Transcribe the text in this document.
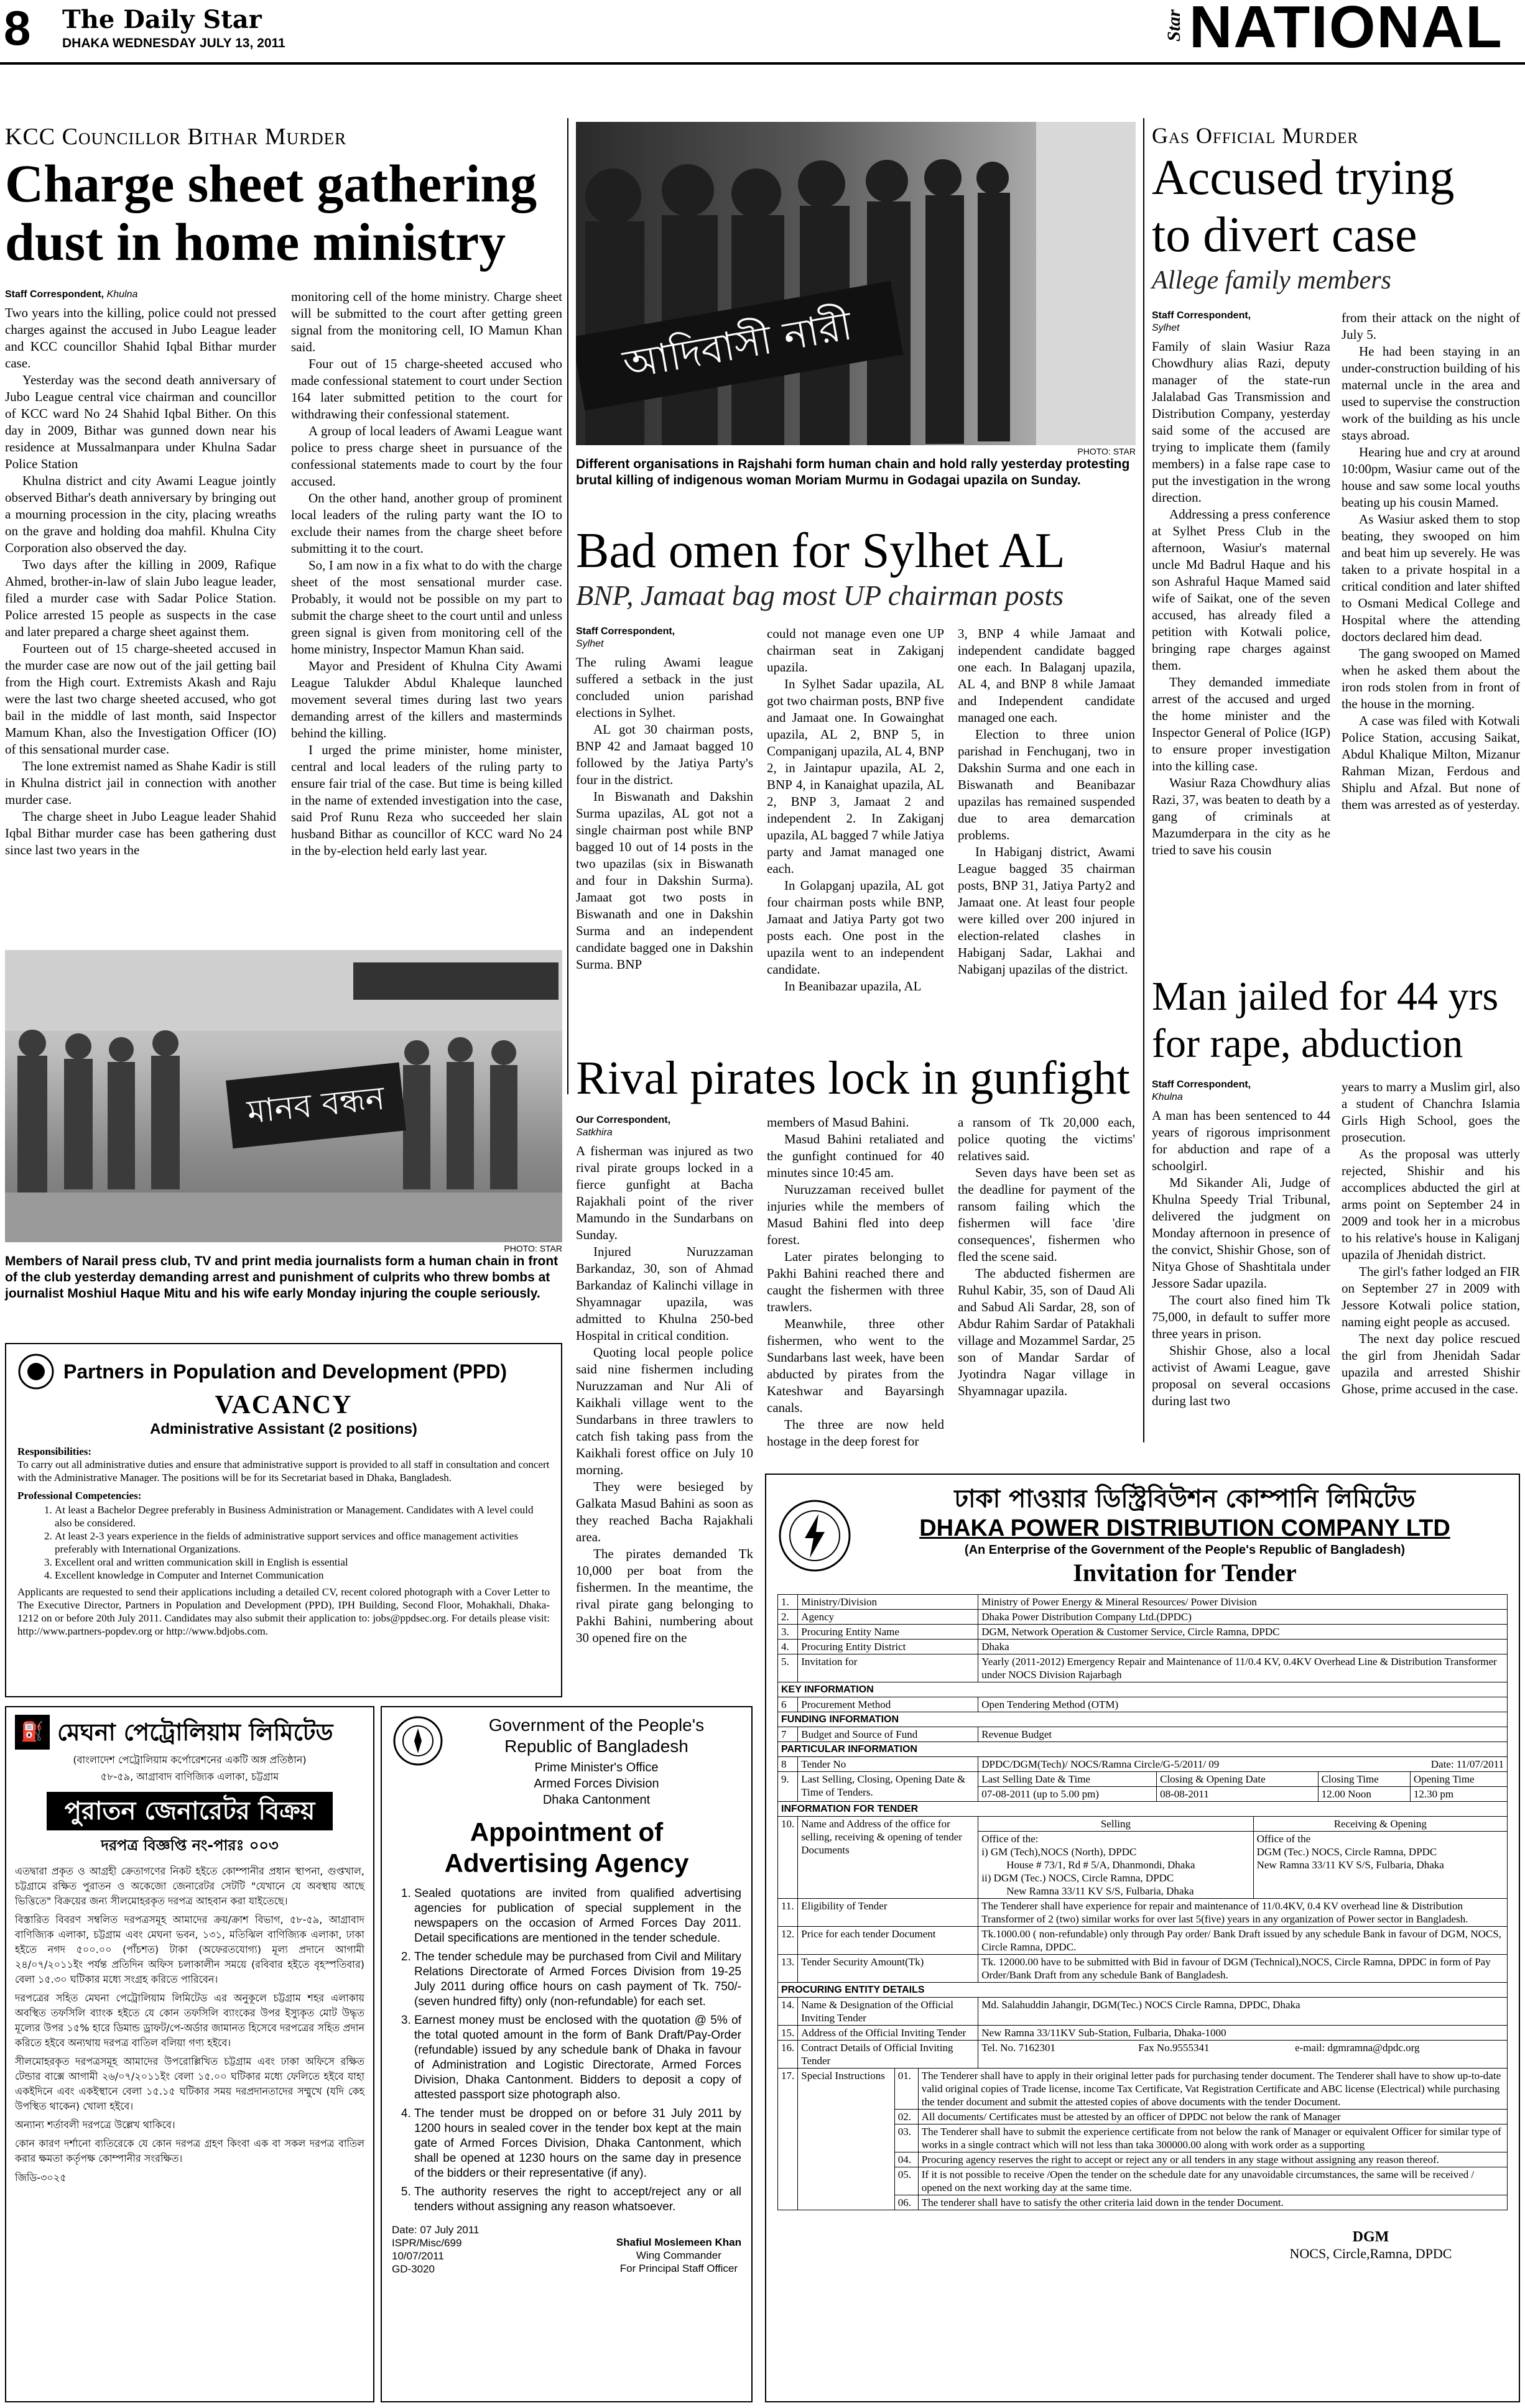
8 The Daily Star
DHAKA WEDNESDAY JULY 13, 2011
Star NATIONAL
KCC Councillor Bithar Murder
Charge sheet gathering
dust in home ministry
Staff Correspondent, Khulna

Two years into the killing, police could not pressed charges against the accused in Jubo League leader and KCC councillor Shahid Iqbal Bithar murder case.

Yesterday was the second death anniversary of Jubo League central vice chairman and councillor of KCC ward No 24 Shahid Iqbal Bither. On this day in 2009, Bithar was gunned down near his residence at Mussalmanpara under Khulna Sadar Police Station

Khulna district and city Awami League jointly observed Bithar's death anniversary by bringing out a mourning procession in the city, placing wreaths on the grave and holding doa mahfil. Khulna City Corporation also observed the day.

Two days after the killing in 2009, Rafique Ahmed, brother-in-law of slain Jubo league leader, filed a murder case with Sadar Police Station. Police arrested 15 people as suspects in the case and later prepared a charge sheet against them.

Fourteen out of 15 charge-sheeted accused in the murder case are now out of the jail getting bail from the High court. Extremists Akash and Raju were the last two charge sheeted accused, who got bail in the middle of last month, said Inspector Mamum Khan, also the Investigation Officer (IO) of this sensational murder case.

The lone extremist named as Shahe Kadir is still in Khulna district jail in connection with another murder case.

The charge sheet in Jubo League leader Shahid Iqbal Bithar murder case has been gathering dust since last two years in the

monitoring cell of the home ministry. Charge sheet will be submitted to the court after getting green signal from the monitoring cell, IO Mamun Khan said.

Four out of 15 charge-sheeted accused who made confessional statement to court under Section 164 later submitted petition to the court for withdrawing their confessional statement.

A group of local leaders of Awami League want police to press charge sheet in pursuance of the confessional statements made to court by the four accused.

On the other hand, another group of prominent local leaders of the ruling party want the IO to exclude their names from the charge sheet before submitting it to the court.

So, I am now in a fix what to do with the charge sheet of the most sensational murder case. Probably, it would not be possible on my part to submit the charge sheet to the court until and unless green signal is given from monitoring cell of the home ministry, Inspector Mamun Khan said.

Mayor and President of Khulna City Awami League Talukder Abdul Khaleque launched movement several times during last two years demanding arrest of the killers and masterminds behind the killing.

I urged the prime minister, home minister, central and local leaders of the ruling party to ensure fair trial of the case. But time is being killed in the name of extended investigation into the case, said Prof Runu Reza who succeeded her slain husband Bithar as councillor of KCC ward No 24 in the by-election held early last year.

মানব বন্ধন
PHOTO: STAR
Members of Narail press club, TV and print media journalists form a human chain in front of the club yesterday demanding arrest and punishment of culprits who threw bombs at journalist Moshiul Haque Mitu and his wife early Monday injuring the couple seriously.
আদিবাসী নারী
PHOTO: STAR
Different organisations in Rajshahi form human chain and hold rally yesterday protesting brutal killing of indigenous woman Moriam Murmu in Godagai upazila on Sunday.
Bad omen for Sylhet AL
BNP, Jamaat bag most UP chairman posts
Staff Correspondent,
Sylhet

The ruling Awami league suffered a setback in the just concluded union parishad elections in Sylhet.

AL got 30 chairman posts, BNP 42 and Jamaat bagged 10 followed by the Jatiya Party's four in the district.

In Biswanath and Dakshin Surma upazilas, AL got not a single chairman post while BNP bagged 10 out of 14 posts in the two upazilas (six in Biswanath and four in Dakshin Surma). Jamaat got two posts in Biswanath and one in Dakshin Surma and an independent candidate bagged one in Dakshin Surma. BNP

could not manage even one UP chairman seat in Zakiganj upazila.

In Sylhet Sadar upazila, AL got two chairman posts, BNP five and Jamaat one. In Gowainghat upazila, AL 2, BNP 5, in Companiganj upazila, AL 4, BNP 2, in Jaintapur upazila, AL 2, BNP 4, in Kanaighat upazila, AL 2, BNP 3, Jamaat 2 and independent 2. In Zakiganj upazila, AL bagged 7 while Jatiya party and Jamat managed one each.

In Golapganj upazila, AL got four chairman posts while BNP, Jamaat and Jatiya Party got two posts each. One post in the upazila went to an independent candidate.

In Beanibazar upazila, AL

3, BNP 4 while Jamaat and independent candidate bagged one each. In Balaganj upazila, AL 4, and BNP 8 while Jamaat and Independent candidate managed one each.

Election to three union parishad in Fenchuganj, two in Dakshin Surma and one each in Biswanath and Beanibazar upazilas has remained suspended due to area demarcation problems.

In Habiganj district, Awami League bagged 35 chairman posts, BNP 31, Jatiya Party2 and Jamaat one. At least four people were killed over 200 injured in election-related clashes in Habiganj Sadar, Lakhai and Nabiganj upazilas of the district.

Rival pirates lock in gunfight
Our Correspondent,
Satkhira

A fisherman was injured as two rival pirate groups locked in a fierce gunfight at Bacha Rajakhali point of the river Mamundo in the Sundarbans on Sunday.

Injured Nuruzzaman Barkandaz, 30, son of Ahmad Barkandaz of Kalinchi village in Shyamnagar upazila, was admitted to Khulna 250-bed Hospital in critical condition.

Quoting local people police said nine fishermen including Nuruzzaman and Nur Ali of Kaikhali village went to the Sundarbans in three trawlers to catch fish taking pass from the Kaikhali forest office on July 10 morning.

They were besieged by Galkata Masud Bahini as soon as they reached Bacha Rajakhali area.

The pirates demanded Tk 10,000 per boat from the fishermen. In the meantime, the rival pirate gang belonging to Pakhi Bahini, numbering about 30 opened fire on the

members of Masud Bahini.

Masud Bahini retaliated and the gunfight continued for 40 minutes since 10:45 am.

Nuruzzaman received bullet injuries while the members of Masud Bahini fled into deep forest.

Later pirates belonging to Pakhi Bahini reached there and caught the fishermen with three trawlers.

Meanwhile, three other fishermen, who went to the Sundarbans last week, have been abducted by pirates from the Kateshwar and Bayarsingh canals.

The three are now held hostage in the deep forest for

a ransom of Tk 20,000 each, police quoting the victims' relatives said.

Seven days have been set as the deadline for payment of the ransom failing which the fishermen will face 'dire consequences', fishermen who fled the scene said.

The abducted fishermen are Ruhul Kabir, 35, son of Daud Ali and Sabud Ali Sardar, 28, son of Abdur Rahim Sardar of Patakhali village and Mozammel Sardar, 25 son of Mandar Sardar of Jyotindra Nagar village in Shyamnagar upazila.

Gas Official Murder
Accused trying
to divert case
Allege family members
Staff Correspondent,
Sylhet

Family of slain Wasiur Raza Chowdhury alias Razi, deputy manager of the state-run Jalalabad Gas Transmission and Distribution Company, yesterday said some of the accused are trying to implicate them (family members) in a false rape case to put the investigation in the wrong direction.

Addressing a press conference at Sylhet Press Club in the afternoon, Wasiur's maternal uncle Md Badrul Haque and his son Ashraful Haque Mamed said wife of Saikat, one of the seven accused, has already filed a petition with Kotwali police, bringing rape charges against them.

They demanded immediate arrest of the accused and urged the home minister and the Inspector General of Police (IGP) to ensure proper investigation into the killing case.

Wasiur Raza Chowdhury alias Razi, 37, was beaten to death by a gang of criminals at Mazumderpara in the city as he tried to save his cousin

from their attack on the night of July 5.

He had been staying in an under-construction building of his maternal uncle in the area and used to supervise the construction work of the building as his uncle stays abroad.

Hearing hue and cry at around 10:00pm, Wasiur came out of the house and saw some local youths beating up his cousin Mamed.

As Wasiur asked them to stop beating, they swooped on him and beat him up severely. He was taken to a private hospital in a critical condition and later shifted to Osmani Medical College and Hospital where the attending doctors declared him dead.

The gang swooped on Mamed when he asked them about the iron rods stolen from in front of the house in the morning.

A case was filed with Kotwali Police Station, accusing Saikat, Abdul Khalique Milton, Mizanur Rahman Mizan, Ferdous and Shiplu and Afzal. But none of them was arrested as of yesterday.

Man jailed for 44 yrs
for rape, abduction
Staff Correspondent,
Khulna

A man has been sentenced to 44 years of rigorous imprisonment for abduction and rape of a schoolgirl.

Md Sikander Ali, Judge of Khulna Speedy Trial Tribunal, delivered the judgment on Monday afternoon in presence of the convict, Shishir Ghose, son of Nitya Ghose of Shashtitala under Jessore Sadar upazila.

The court also fined him Tk 75,000, in default to suffer more three years in prison.

Shishir Ghose, also a local activist of Awami League, gave proposal on several occasions during last two

years to marry a Muslim girl, also a student of Chanchra Islamia Girls High School, goes the prosecution.

As the proposal was utterly rejected, Shishir and his accomplices abducted the girl at arms point on September 24 in 2009 and took her in a microbus to his relative's house in Kaliganj upazila of Jhenidah district.

The girl's father lodged an FIR on September 27 in 2009 with Jessore Kotwali police station, naming eight people as accused.

The next day police rescued the girl from Jhenidah Sadar upazila and arrested Shishir Ghose, prime accused in the case.

Partners in Population and Development (PPD)
VACANCY
Administrative Assistant (2 positions)
Responsibilities:
To carry out all administrative duties and ensure that administrative support is provided to all staff in consultation and concert with the Administrative Manager. The positions will be for its Secretariat based in Dhaka, Bangladesh.
Professional Competencies:
1. At least a Bachelor Degree preferably in Business Administration or Management. Candidates with A level could also be considered.
2. At least 2-3 years experience in the fields of administrative support services and office management activities preferably with International Organizations.
3. Excellent oral and written communication skill in English is essential
4. Excellent knowledge in Computer and Internet Communication
Applicants are requested to send their applications including a detailed CV, recent colored photograph with a Cover Letter to The Executive Director, Partners in Population and Development (PPD), IPH Building, Second Floor, Mohakhali, Dhaka-1212 on or before 20th July 2011. Candidates may also submit their application to: jobs@ppdsec.org. For details please visit: http://www.partners-popdev.org or http://www.bdjobs.com.
⛽ মেঘনা পেট্রোলিয়াম লিমিটেড
(বাংলাদেশ পেট্রোলিয়াম কর্পোরেশনের একটি অঙ্গ প্রতিষ্ঠান)
৫৮-৫৯, আগ্রাবাদ বাণিজ্যিক এলাকা, চট্টগ্রাম
পুরাতন জেনারেটর বিক্রয়
দরপত্র বিজ্ঞপ্তি নং-পারঃ ০০৩

এতদ্বারা প্রকৃত ও আগ্রহী ক্রেতাগণের নিকট হইতে কোম্পানীর প্রধান স্থাপনা, গুপ্তখাল, চট্টগ্রামে রক্ষিত পুরাতন ও অকেজো জেনারেটর সেটটি "যেখানে যে অবস্থায় আছে ভিত্তিতে" বিক্রয়ের জন্য সীলমোহরকৃত দরপত্র আহবান করা যাইতেছে।

বিস্তারিত বিবরণ সম্বলিত দরপত্রসমূহ আমাদের ক্রয়/ক্রাশ বিভাগ, ৫৮-৫৯, আগ্রাবাদ বাণিজ্যিক এলাকা, চট্টগ্রাম এবং মেঘনা ভবন, ১৩১, মতিঝিল বাণিজ্যিক এলাকা, ঢাকা হইতে নগদ ৫০০.০০ (পাঁচশত) টাকা (অফেরতযোগ্য) মূল্য প্রদানে আগামী ২৪/০৭/২০১১ইং পর্যন্ত প্রতিদিন অফিস চলাকালীন সময়ে (রবিবার হইতে বৃহস্পতিবার) বেলা ১৫.৩০ ঘটিকার মধ্যে সংগ্রহ করিতে পারিবেন।

দরপত্রের সহিত মেঘনা পেট্রোলিয়াম লিমিটেড এর অনুকূলে চট্টগ্রাম শহর এলাকায় অবস্থিত তফসিলি ব্যাংক হইতে যে কোন তফসিলি ব্যাংকের উপর ইস্যুকৃত মোট উদ্ধৃত মূল্যের উপর ১৫% হারে ডিমান্ড ড্রাফট/পে-অর্ডার জামানত হিসেবে দরপত্রের সহিত প্রদান করিতে হইবে অন্যথায় দরপত্র বাতিল বলিয়া গণ্য হইবে।

সীলমোহরকৃত দরপত্রসমূহ আমাদের উপরোল্লিখিত চট্টগ্রাম এবং ঢাকা অফিসে রক্ষিত টেন্ডার বাক্সে আগামী ২৬/০৭/২০১১ইং বেলা ১৫.০০ ঘটিকার মধ্যে ফেলিতে হইবে যাহা একইদিনে এবং একইস্থানে বেলা ১৫.১৫ ঘটিকার সময় দরপ্রদানতাদের সম্মুখে (যদি কেহ উপস্থিত থাকেন) খোলা হইবে।

অন্যান্য শর্তাবলী দরপত্রে উল্লেখ থাকিবে।

কোন কারণ দর্শানো ব্যতিরেকে যে কোন দরপত্র গ্রহণ কিংবা এক বা সকল দরপত্র বাতিল করার ক্ষমতা কর্তৃপক্ষ কোম্পানীর সংরক্ষিত।

জিডি-৩০২৫
Government of the People's
Republic of Bangladesh
Prime Minister's Office
Armed Forces Division
Dhaka Cantonment
Appointment of
Advertising Agency
1. Sealed quotations are invited from qualified advertising agencies for publication of special supplement in the newspapers on the occasion of Armed Forces Day 2011. Detail specifications are mentioned in the tender schedule.
2. The tender schedule may be purchased from Civil and Military Relations Directorate of Armed Forces Division from 19-25 July 2011 during office hours on cash payment of Tk. 750/- (seven hundred fifty) only (non-refundable) for each set.
3. Earnest money must be enclosed with the quotation @ 5% of the total quoted amount in the form of Bank Draft/Pay-Order (refundable) issued by any schedule bank of Dhaka in favour of Administration and Logistic Directorate, Armed Forces Division, Dhaka Cantonment. Bidders to deposit a copy of attested passport size photograph also.
4. The tender must be dropped on or before 31 July 2011 by 1200 hours in sealed cover in the tender box kept at the main gate of Armed Forces Division, Dhaka Cantonment, which shall be opened at 1230 hours on the same day in presence of the bidders or their representative (if any).
5. The authority reserves the right to accept/reject any or all tenders without assigning any reason whatsoever.
Date: 07 July 2011
ISPR/Misc/699
10/07/2011
GD-3020
Shafiul Moslemeen Khan
Wing Commander
For Principal Staff Officer
ঢাকা পাওয়ার ডিস্ট্রিবিউশন কোম্পানি লিমিটেড
DHAKA POWER DISTRIBUTION COMPANY LTD
(An Enterprise of the Government of the People's Republic of Bangladesh)
Invitation for Tender
1.	Ministry/Division	Ministry of Power Energy & Mineral Resources/ Power Division
2.	Agency	Dhaka Power Distribution Company Ltd.(DPDC)
3.	Procuring Entity Name	DGM, Network Operation & Customer Service, Circle Ramna, DPDC
4.	Procuring Entity District	Dhaka
5.	Invitation for	Yearly (2011-2012) Emergency Repair and Maintenance of 11/0.4 KV, 0.4KV Overhead Line & Distribution Transformer under NOCS Division Rajarbagh
KEY INFORMATION
6	Procurement Method	Open Tendering Method (OTM)
FUNDING INFORMATION
7	Budget and Source of Fund	Revenue Budget
PARTICULAR INFORMATION
8	Tender No	DPDC/DGM(Tech)/ NOCS/Ramna Circle/G-5/2011/ 09	Date: 11/07/2011

9.	Last Selling, Closing, Opening Date & Time of Tenders.	
Last Selling Date & Time	Closing & Opening Date	Closing Time	Opening Time
07-08-2011 (up to 5.00 pm)	08-08-2011	12.00 Noon	12.30 pm

INFORMATION FOR TENDER
10.	Name and Address of the office for selling, receiving & opening of tender Documents	
Selling	Receiving & Opening

Office of the:
i) GM (Tech),NOCS (North), DPDC
House # 73/1, Rd # 5/A, Dhanmondi, Dhaka
ii) DGM (Tec.) NOCS, Circle Ramna, DPDC
New Ramna 33/11 KV S/S, Fulbaria, Dhaka

Office of the
DGM (Tec.) NOCS, Circle Ramna, DPDC
New Ramna 33/11 KV S/S, Fulbaria, Dhaka

11.	Eligibility of Tender	The Tenderer shall have experience for repair and maintenance of 11/0.4KV, 0.4 KV overhead line & Distribution Transformer of 2 (two) similar works for over last 5(five) years in any organization of Power sector in Bangladesh.
12.	Price for each tender Document	Tk.1000.00 ( non-refundable) only through Pay order/ Bank Draft issued by any schedule Bank in favour of DGM, NOCS, Circle Ramna, DPDC.
13.	Tender Security Amount(Tk)	Tk. 12000.00 have to be submitted with Bid in favour of DGM (Technical),NOCS, Circle Ramna, DPDC in form of Pay Order/Bank Draft from any schedule Bank of Bangladesh.
PROCURING ENTITY DETAILS
14.	Name & Designation of the Official Inviting Tender	Md. Salahuddin Jahangir, DGM(Tec.) NOCS Circle Ramna, DPDC, Dhaka
15.	Address of the Official Inviting Tender	New Ramna 33/11KV Sub-Station, Fulbaria, Dhaka-1000
16.	Contract Details of Official Inviting Tender	Tel. No. 7162301	Fax No.9555341	e-mail: dgmramna@dpdc.org
17.	Special Instructions	01.	The Tenderer shall have to apply in their original letter pads for purchasing tender document. The Tenderer shall have to show up-to-date valid original copies of Trade license, income Tax Certificate, Vat Registration Certificate and ABC license (Electrical) while purchasing the tender document and submit the attested copies of above documents with the tender Document.
02.	All documents/ Certificates must be attested by an officer of DPDC not below the rank of Manager
03.	The Tenderer shall have to submit the experience certificate from not below the rank of Manager or equivalent Officer for similar type of works in a single contract which will not less than taka 300000.00 along with work order as a supporting
04.	Procuring agency reserves the right to accept or reject any or all tenders in any stage without assigning any reason thereof.
05.	If it is not possible to receive /Open the tender on the schedule date for any unavoidable circumstances, the same will be received / opened on the next working day at the same time.
06.	The tenderer shall have to satisfy the other criteria laid down in the tender Document.
DGM
NOCS, Circle,Ramna, DPDC
